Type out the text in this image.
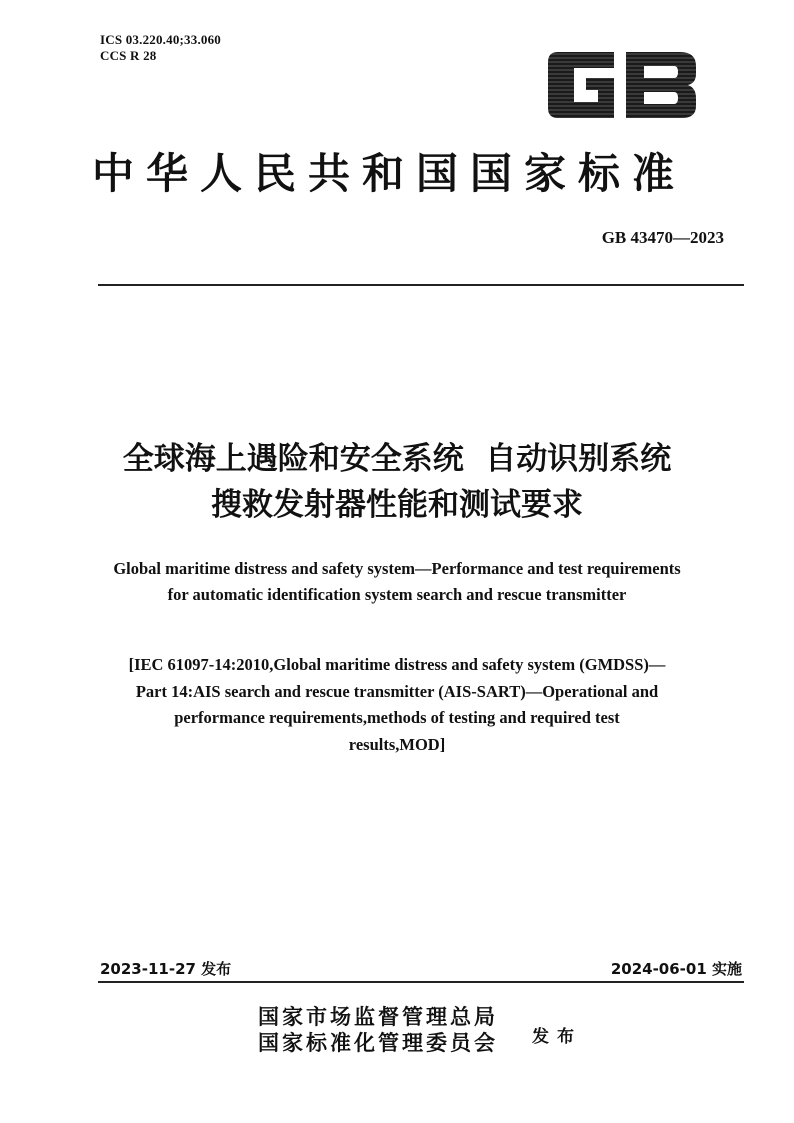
ICS 03.220.40;33.060
CCS R 28
GB
中华人民共和国国家标准
GB 43470—2023
全球海上遇险和安全系统  自动识别系统
搜救发射器性能和测试要求
Global maritime distress and safety system—Performance and test requirements
for automatic identification system search and rescue transmitter
[IEC 61097-14:2010,Global maritime distress and safety system (GMDSS)—
Part 14:AIS search and rescue transmitter (AIS-SART)—Operational and
performance requirements,methods of testing and required test
results,MOD]
2023-11-27 发布	2024-06-01 实施
国家市场监督管理总局
国家标准化管理委员会 发布
